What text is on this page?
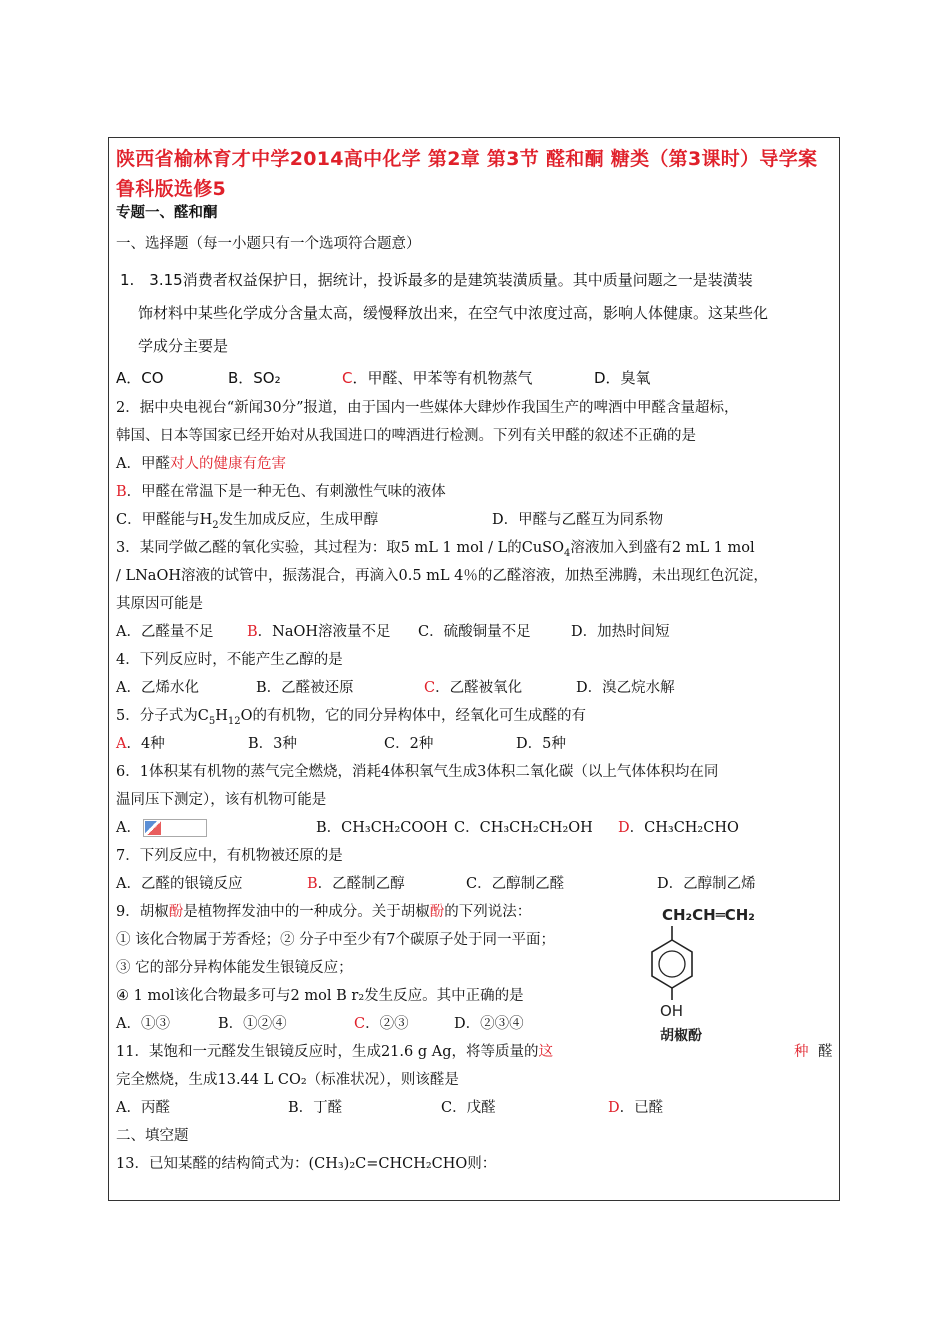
陕西省榆林育才中学2014高中化学 第2章 第3节 醛和酮 糖类（第3课时）导学案 鲁科版选修5
专题一、醛和酮
一、选择题（每一小题只有一个选项符合题意）
1.　3.15消费者权益保护日，据统计，投诉最多的是建筑装潢质量。其中质量问题之一是装潢装
饰材料中某些化学成分含量太高，缓慢释放出来，在空气中浓度过高，影响人体健康。这某些化
学成分主要是
A．CO	B．SO₂	C．甲醛、甲苯等有机物蒸气	D．臭氧
2．据中央电视台“新闻30分”报道，由于国内一些媒体大肆炒作我国生产的啤酒中甲醛含量超标，
韩国、日本等国家已经开始对从我国进口的啤酒进行检测。下列有关甲醛的叙述不正确的是
A．甲醛对人的健康有危害
B．甲醛在常温下是一种无色、有刺激性气味的液体
C．甲醛能与$H_2$发生加成反应，生成甲醇	D．甲醛与乙醛互为同系物
3．某同学做乙醛的氧化实验，其过程为：取5 mL 1 mol / L的CuSO$_4$溶液加入到盛有2 mL 1 mol
/ LNaOH溶液的试管中，振荡混合，再滴入0.5 mL 4％的乙醛溶液，加热至沸腾，未出现红色沉淀，
其原因可能是
A．乙醛量不足 B．NaOH溶液量不足 C．硫酸铜量不足	D．加热时间短
4．下列反应时，不能产生乙醇的是
A．乙烯水化	B．乙醛被还原	C．乙醛被氧化	D．溴乙烷水解
5．分子式为$C_5H_{12}O$的有机物，它的同分异构体中，经氧化可生成醛的有
A．4种	B．3种	C．2种	D．5种
6．1体积某有机物的蒸气完全燃烧，消耗4体积氧气生成3体积二氧化碳（以上气体体积均在同
温同压下测定），该有机物可能是
A．	B．CH₃CH₂COOH C．CH₃CH₂CH₂OH D．CH₃CH₂CHO
7．下列反应中，有机物被还原的是
A．乙醛的银镜反应	B．乙醛制乙醇	C．乙醇制乙醛	D．乙醇制乙烯
9．胡椒酚是植物挥发油中的一种成分。关于胡椒酚的下列说法：
① 该化合物属于芳香烃；② 分子中至少有7个碳原子处于同一平面；
③ 它的部分异构体能发生银镜反应；
④ 1 mol该化合物最多可与2 mol B r₂发生反应。其中正确的是
A．①③	B．①②④	C．②③	D．②③④
CH₂CH═CH₂
OH
胡椒酚
11．某饱和一元醛发生银镜反应时，生成21.6 g Ag，将等质量的这	种 醛
完全燃烧，生成13.44 L CO₂（标准状况），则该醛是
A．丙醛	B．丁醛	C．戊醛	D．已醛
二、填空题
13．已知某醛的结构简式为：(CH₃)₂C=CHCH₂CHO则：
